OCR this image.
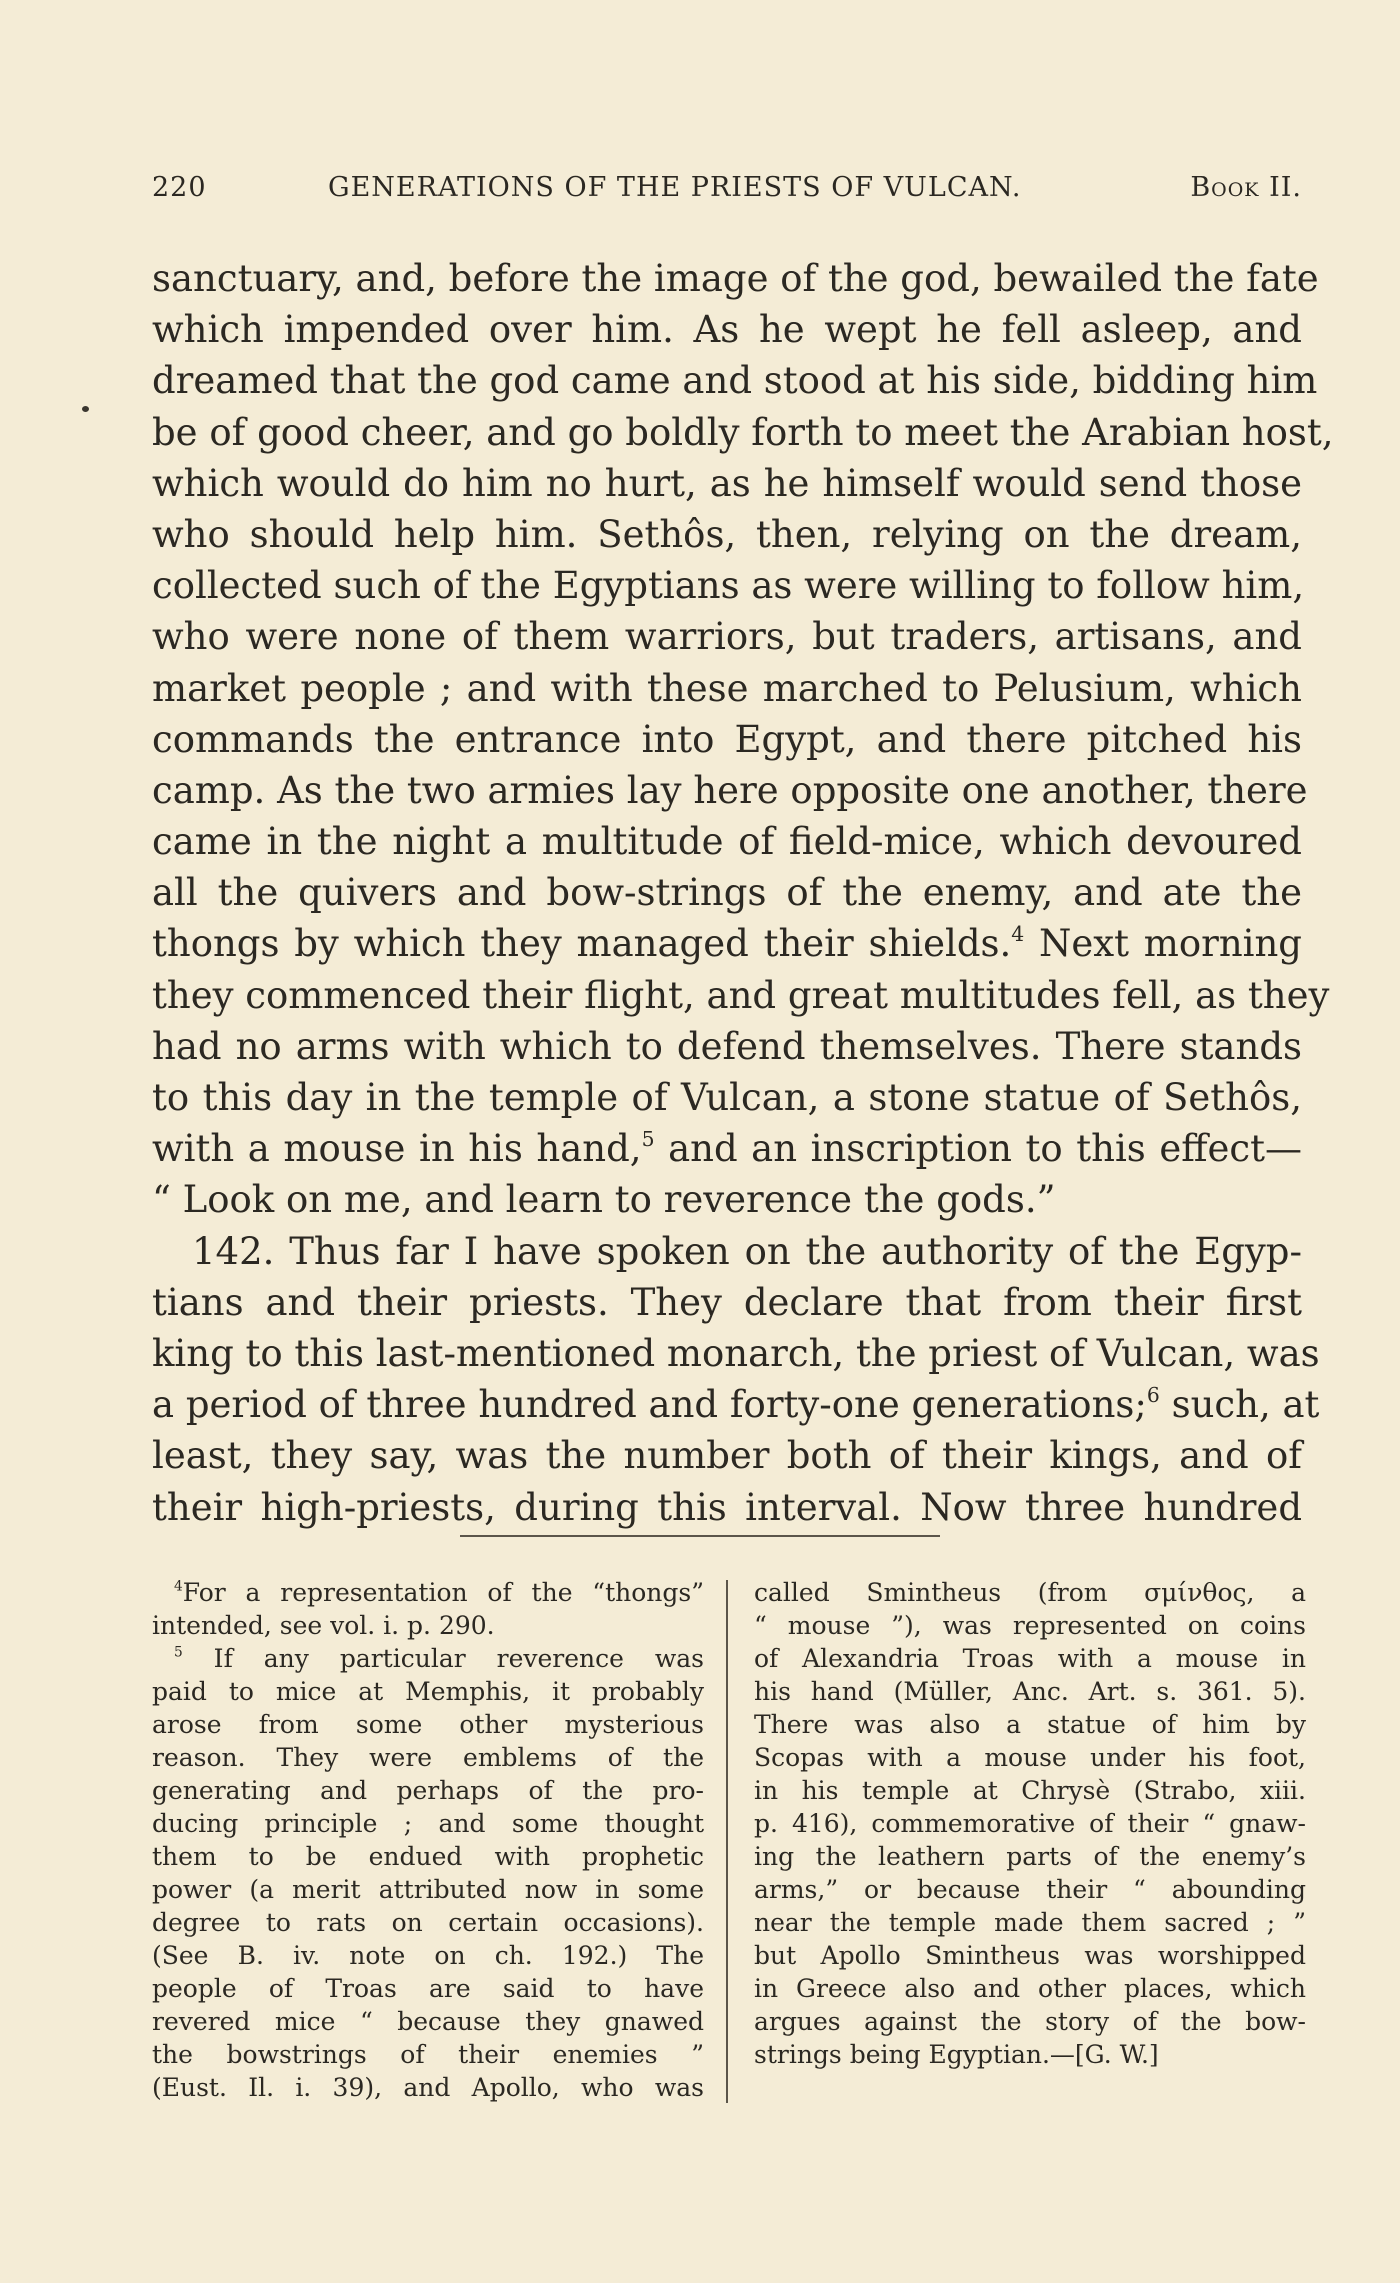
220	GENERATIONS OF THE PRIESTS OF VULCAN.	Book II.
sanctuary, and, before the image of the god, bewailed the fate
which impended over him. As he wept he fell asleep, and
dreamed that the god came and stood at his side, bidding him
be of good cheer, and go boldly forth to meet the Arabian host,
which would do him no hurt, as he himself would send those
who should help him. Sethôs, then, relying on the dream,
collected such of the Egyptians as were willing to follow him,
who were none of them warriors, but traders, artisans, and
market people ; and with these marched to Pelusium, which
commands the entrance into Egypt, and there pitched his
camp. As the two armies lay here opposite one another, there
came in the night a multitude of field-mice, which devoured
all the quivers and bow-strings of the enemy, and ate the
thongs by which they managed their shields.$^4$ Next morning
they commenced their flight, and great multitudes fell, as they
had no arms with which to defend themselves. There stands
to this day in the temple of Vulcan, a stone statue of Sethôs,
with a mouse in his hand,$^5$ and an inscription to this effect—
“ Look on me, and learn to reverence the gods.”
142. Thus far I have spoken on the authority of the Egyp-
tians and their priests. They declare that from their first
king to this last-mentioned monarch, the priest of Vulcan, was
a period of three hundred and forty-one generations;$^6$ such, at
least, they say, was the number both of their kings, and of
their high-priests, during this interval. Now three hundred
$^4$For a representation of the “thongs”
intended, see vol. i. p. 290.
$^5$ If any particular reverence was
paid to mice at Memphis, it probably
arose from some other mysterious
reason. They were emblems of the
generating and perhaps of the pro-
ducing principle ; and some thought
them to be endued with prophetic
power (a merit attributed now in some
degree to rats on certain occasions).
(See B. iv. note on ch. 192.) The
people of Troas are said to have
revered mice “ because they gnawed
the bowstrings of their enemies ”
(Eust. Il. i. 39), and Apollo, who was
called Smintheus (from σμίνθος, a
“ mouse ”), was represented on coins
of Alexandria Troas with a mouse in
his hand (Müller, Anc. Art. s. 361. 5).
There was also a statue of him by
Scopas with a mouse under his foot,
in his temple at Chrysè (Strabo, xiii.
p. 416), commemorative of their “ gnaw-
ing the leathern parts of the enemy’s
arms,” or because their “ abounding
near the temple made them sacred ; ”
but Apollo Smintheus was worshipped
in Greece also and other places, which
argues against the story of the bow-
strings being Egyptian.—[G. W.]
